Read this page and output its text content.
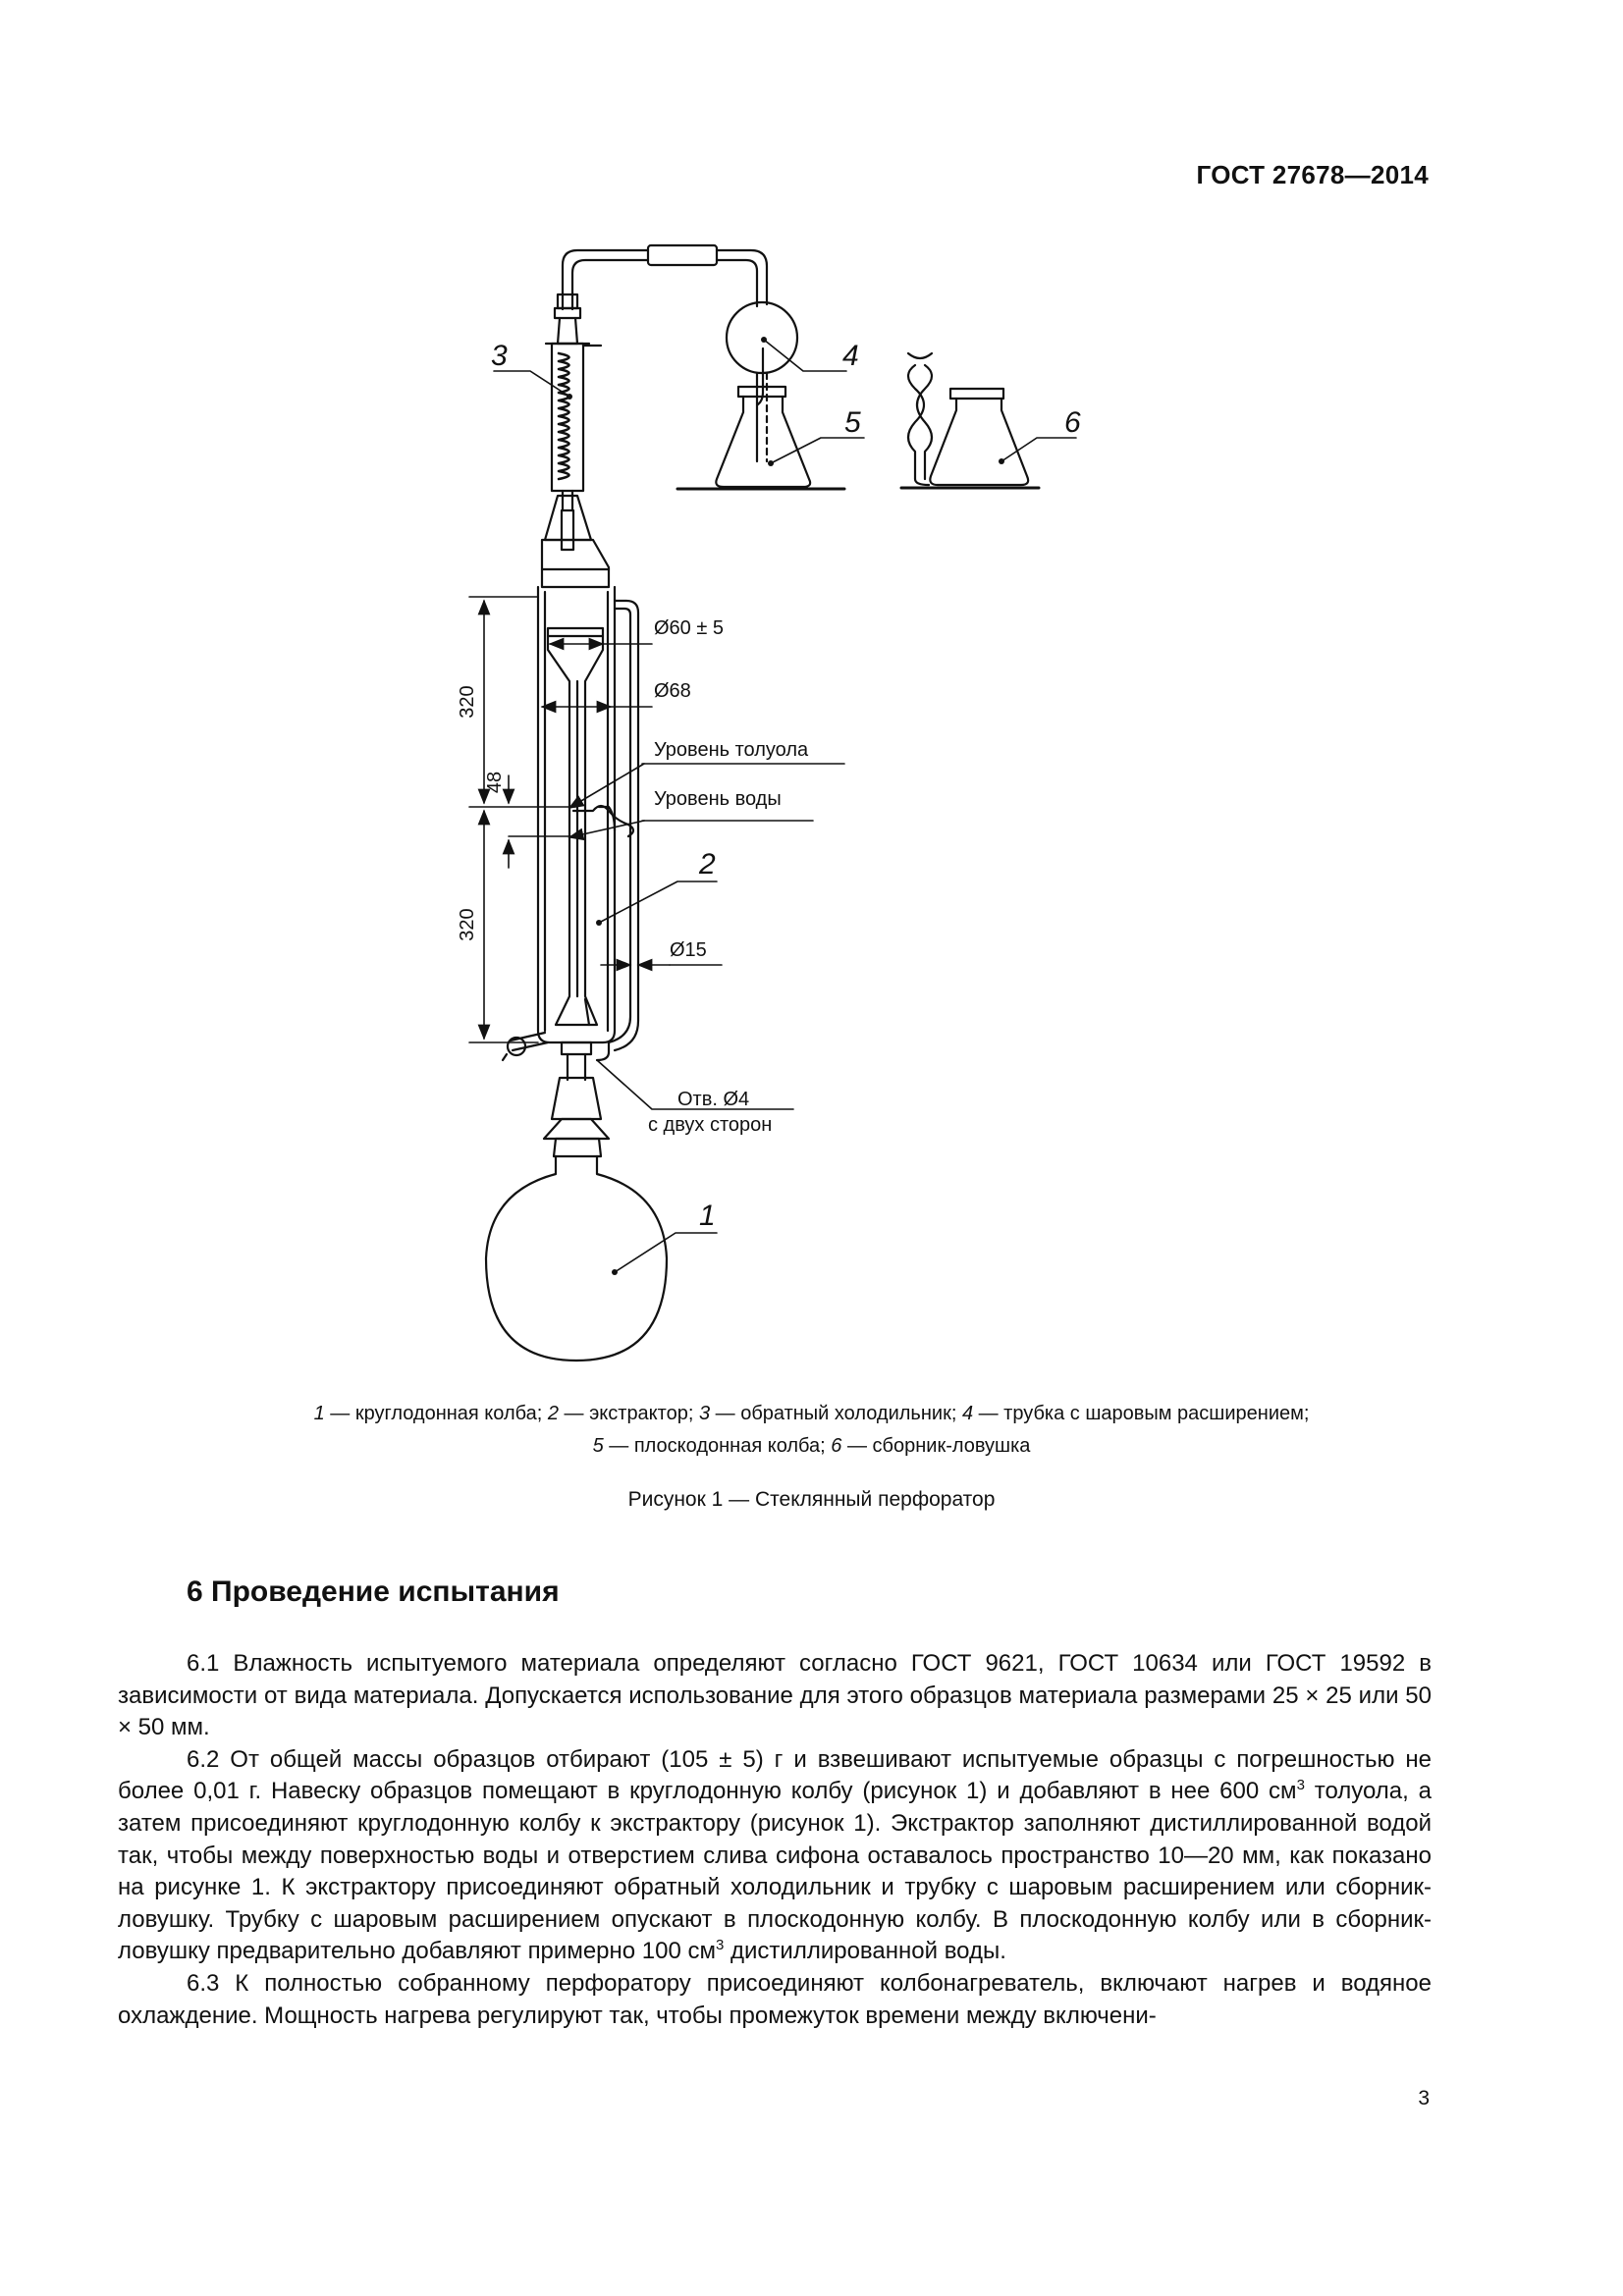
ГОСТ 27678—2014
3	4
5	6
2
1
Ø60 ± 5
Ø68
Ø15
320
48
320
Уровень толуола
Уровень воды
Отв. Ø4
с двух сторон
1 — круглодонная колба; 2 — экстрактор; 3 — обратный холодильник; 4 — трубка с шаровым расширением;
5 — плоскодонная колба; 6 — сборник-ловушка
Рисунок 1 — Стеклянный перфоратор
6 Проведение испытания

6.1 Влажность испытуемого материала определяют согласно ГОСТ 9621, ГОСТ 10634 или ГОСТ 19592 в зависимости от вида материала. Допускается использование для этого образцов материала размерами 25 × 25 или 50 × 50 мм.

6.2 От общей массы образцов отбирают (105 ± 5) г и взвешивают испытуемые образцы с погрешностью не более 0,01 г. Навеску образцов помещают в круглодонную колбу (рисунок 1) и добавляют в нее 600 $см^3$ толуола, а затем присоединяют круглодонную колбу к экстрактору (рисунок 1). Экстрактор заполняют дистиллированной водой так, чтобы между поверхностью воды и отверстием слива сифона оставалось пространство 10—20 мм, как показано на рисунке 1. К экстрактору присоединяют обратный холодильник и трубку с шаровым расширением или сборник-ловушку. Трубку с шаровым расширением опускают в плоскодонную колбу. В плоскодонную колбу или в сборник-ловушку предварительно добавляют примерно 100 $см^3$ дистиллированной воды.

6.3 К полностью собранному перфоратору присоединяют колбонагреватель, включают нагрев и водяное охлаждение. Мощность нагрева регулируют так, чтобы промежуток времени между включени-

3
